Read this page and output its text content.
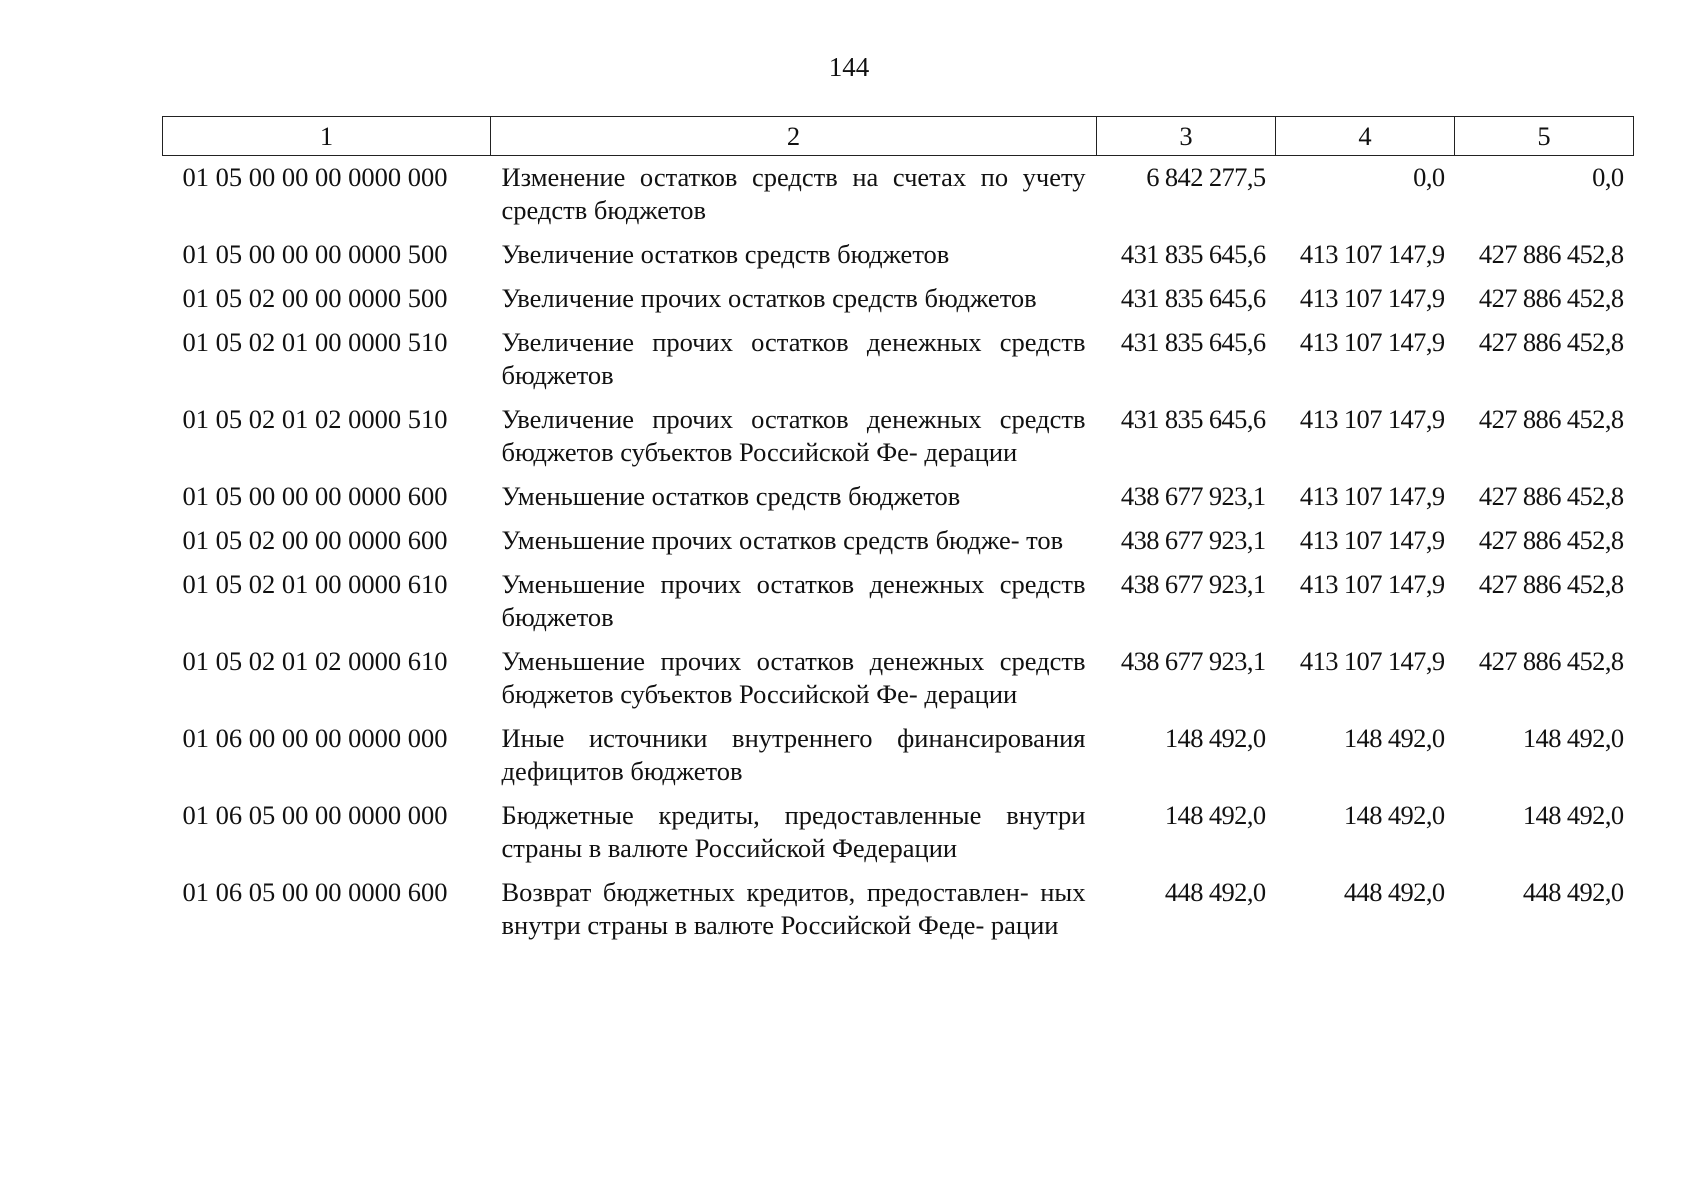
144
1	2	3	4	5
01 05 00 00 00 0000 000	Изменение остатков средств на счетах по учету средств бюджетов	6 842 277,5	0,0	0,0
01 05 00 00 00 0000 500	Увеличение остатков средств бюджетов	431 835 645,6	413 107 147,9	427 886 452,8
01 05 02 00 00 0000 500	Увеличение прочих остатков средств бюджетов	431 835 645,6	413 107 147,9	427 886 452,8
01 05 02 01 00 0000 510	Увеличение прочих остатков денежных средств бюджетов	431 835 645,6	413 107 147,9	427 886 452,8
01 05 02 01 02 0000 510	Увеличение прочих остатков денежных средств бюджетов субъектов Российской Фе- дерации	431 835 645,6	413 107 147,9	427 886 452,8
01 05 00 00 00 0000 600	Уменьшение остатков средств бюджетов	438 677 923,1	413 107 147,9	427 886 452,8
01 05 02 00 00 0000 600	Уменьшение прочих остатков средств бюдже- тов	438 677 923,1	413 107 147,9	427 886 452,8
01 05 02 01 00 0000 610	Уменьшение прочих остатков денежных средств бюджетов	438 677 923,1	413 107 147,9	427 886 452,8
01 05 02 01 02 0000 610	Уменьшение прочих остатков денежных средств бюджетов субъектов Российской Фе- дерации	438 677 923,1	413 107 147,9	427 886 452,8
01 06 00 00 00 0000 000	Иные источники внутреннего финансирования дефицитов бюджетов	148 492,0	148 492,0	148 492,0
01 06 05 00 00 0000 000	Бюджетные кредиты, предоставленные внутри страны в валюте Российской Федерации	148 492,0	148 492,0	148 492,0
01 06 05 00 00 0000 600	Возврат бюджетных кредитов, предоставлен- ных внутри страны в валюте Российской Феде- рации	448 492,0	448 492,0	448 492,0
